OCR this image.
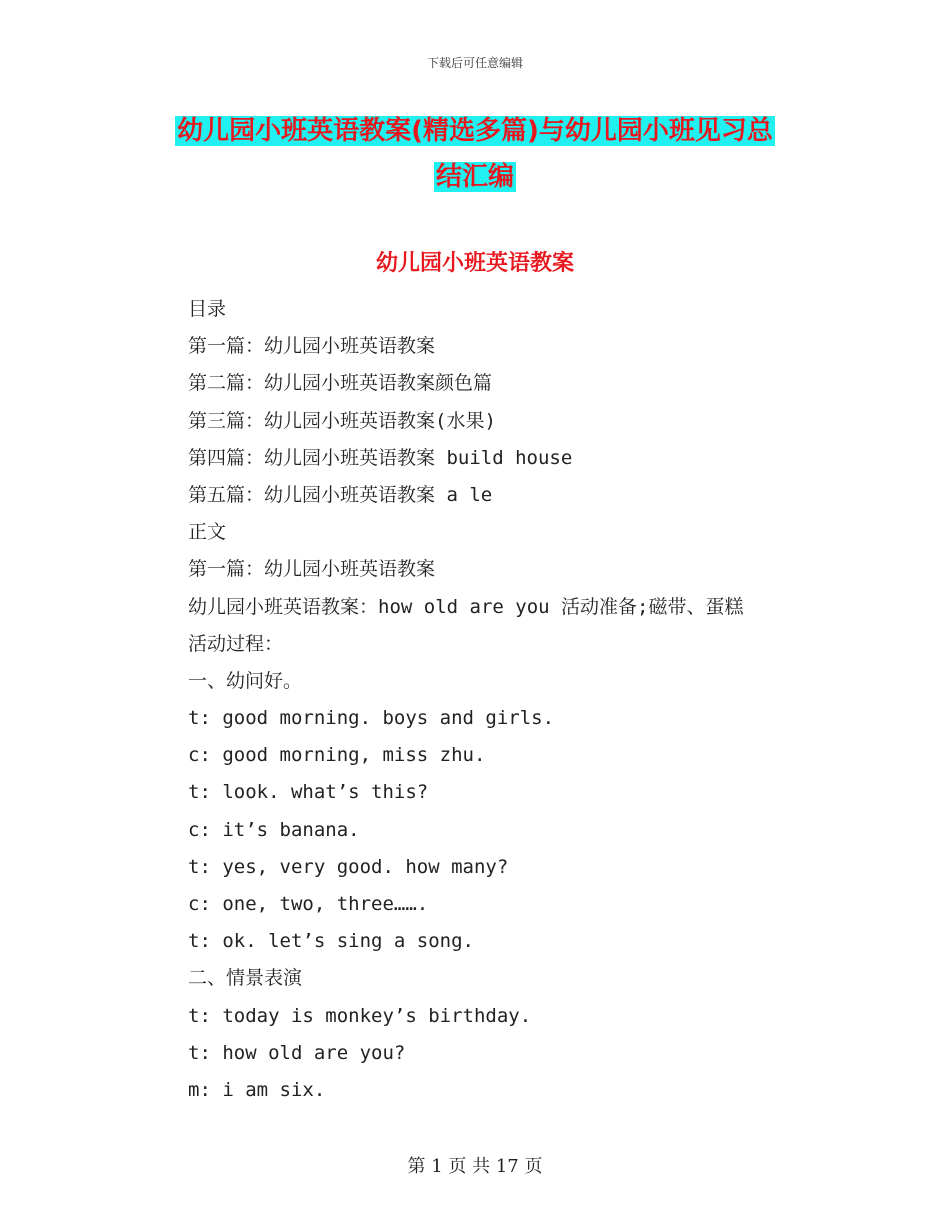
下载后可任意编辑
幼儿园小班英语教案(精选多篇)与幼儿园小班见习总
结汇编
幼儿园小班英语教案
目录
第一篇：幼儿园小班英语教案
第二篇：幼儿园小班英语教案颜色篇
第三篇：幼儿园小班英语教案(水果)
第四篇：幼儿园小班英语教案 build house
第五篇：幼儿园小班英语教案 a le
正文
第一篇：幼儿园小班英语教案
幼儿园小班英语教案：how old are you 活动准备;磁带、蛋糕
活动过程：
一、幼问好。
t: good morning. boys and girls.
c: good morning, miss zhu.
t: look. what’s this?
c: it’s banana.
t: yes, very good. how many?
c: one, two, three…….
t: ok. let’s sing a song.
二、情景表演
t: today is monkey’s birthday.
t: how old are you?
m: i am six.
第 1 页 共 17 页
